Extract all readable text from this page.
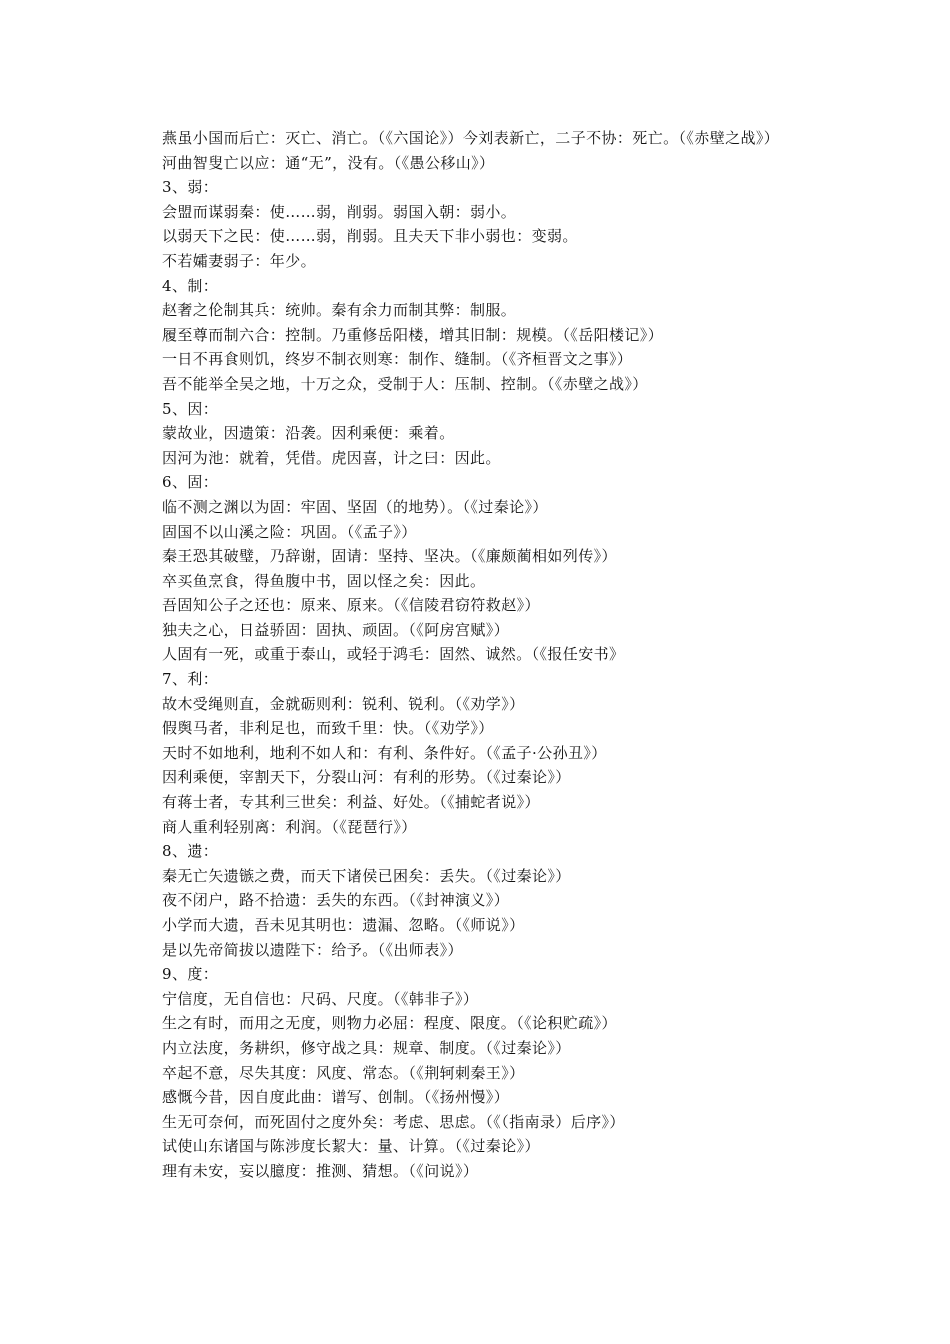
燕虽小国而后亡：灭亡、消亡。（《六国论》）今刘表新亡，二子不协：死亡。（《赤壁之战》）
河曲智叟亡以应：通“无”，没有。（《愚公移山》）
3、弱：
会盟而谋弱秦：使……弱，削弱。弱国入朝：弱小。
以弱天下之民：使……弱，削弱。且夫天下非小弱也：变弱。
不若孀妻弱子：年少。
4、制：
赵奢之伦制其兵：统帅。秦有余力而制其弊：制服。
履至尊而制六合：控制。乃重修岳阳楼，增其旧制：规模。（《岳阳楼记》）
一日不再食则饥，终岁不制衣则寒：制作、缝制。（《齐桓晋文之事》）
吾不能举全吴之地，十万之众，受制于人：压制、控制。（《赤壁之战》）
5、因：
蒙故业，因遗策：沿袭。因利乘便：乘着。
因河为池：就着，凭借。虎因喜，计之曰：因此。
6、固：
临不测之渊以为固：牢固、坚固（的地势）。（《过秦论》）
固国不以山溪之险：巩固。（《孟子》）
秦王恐其破璧，乃辞谢，固请：坚持、坚决。（《廉颇蔺相如列传》）
卒买鱼烹食，得鱼腹中书，固以怪之矣：因此。
吾固知公子之还也：原来、原来。（《信陵君窃符救赵》）
独夫之心，日益骄固：固执、顽固。（《阿房宫赋》）
人固有一死，或重于泰山，或轻于鸿毛：固然、诚然。（《报任安书》
7、利：
故木受绳则直，金就砺则利：锐利、锐利。（《劝学》）
假舆马者，非利足也，而致千里：快。（《劝学》）
天时不如地利，地利不如人和：有利、条件好。（《孟子·公孙丑》）
因利乘便，宰割天下，分裂山河：有利的形势。（《过秦论》）
有蒋士者，专其利三世矣：利益、好处。（《捕蛇者说》）
商人重利轻别离：利润。（《琵琶行》）
8、遗：
秦无亡矢遗镞之费，而天下诸侯已困矣：丢失。（《过秦论》）
夜不闭户，路不拾遗：丢失的东西。（《封神演义》）
小学而大遗，吾未见其明也：遗漏、忽略。（《师说》）
是以先帝简拔以遗陛下：给予。（《出师表》）
9、度：
宁信度，无自信也：尺码、尺度。（《韩非子》）
生之有时，而用之无度，则物力必屈：程度、限度。（《论积贮疏》）
内立法度，务耕织，修守战之具：规章、制度。（《过秦论》）
卒起不意，尽失其度：风度、常态。（《荆轲刺秦王》）
感慨今昔，因自度此曲：谱写、创制。（《扬州慢》）
生无可奈何，而死固付之度外矣：考虑、思虑。（《（指南录）后序》）
试使山东诸国与陈涉度长絜大：量、计算。（《过秦论》）
理有未安，妄以臆度：推测、猜想。（《问说》）
